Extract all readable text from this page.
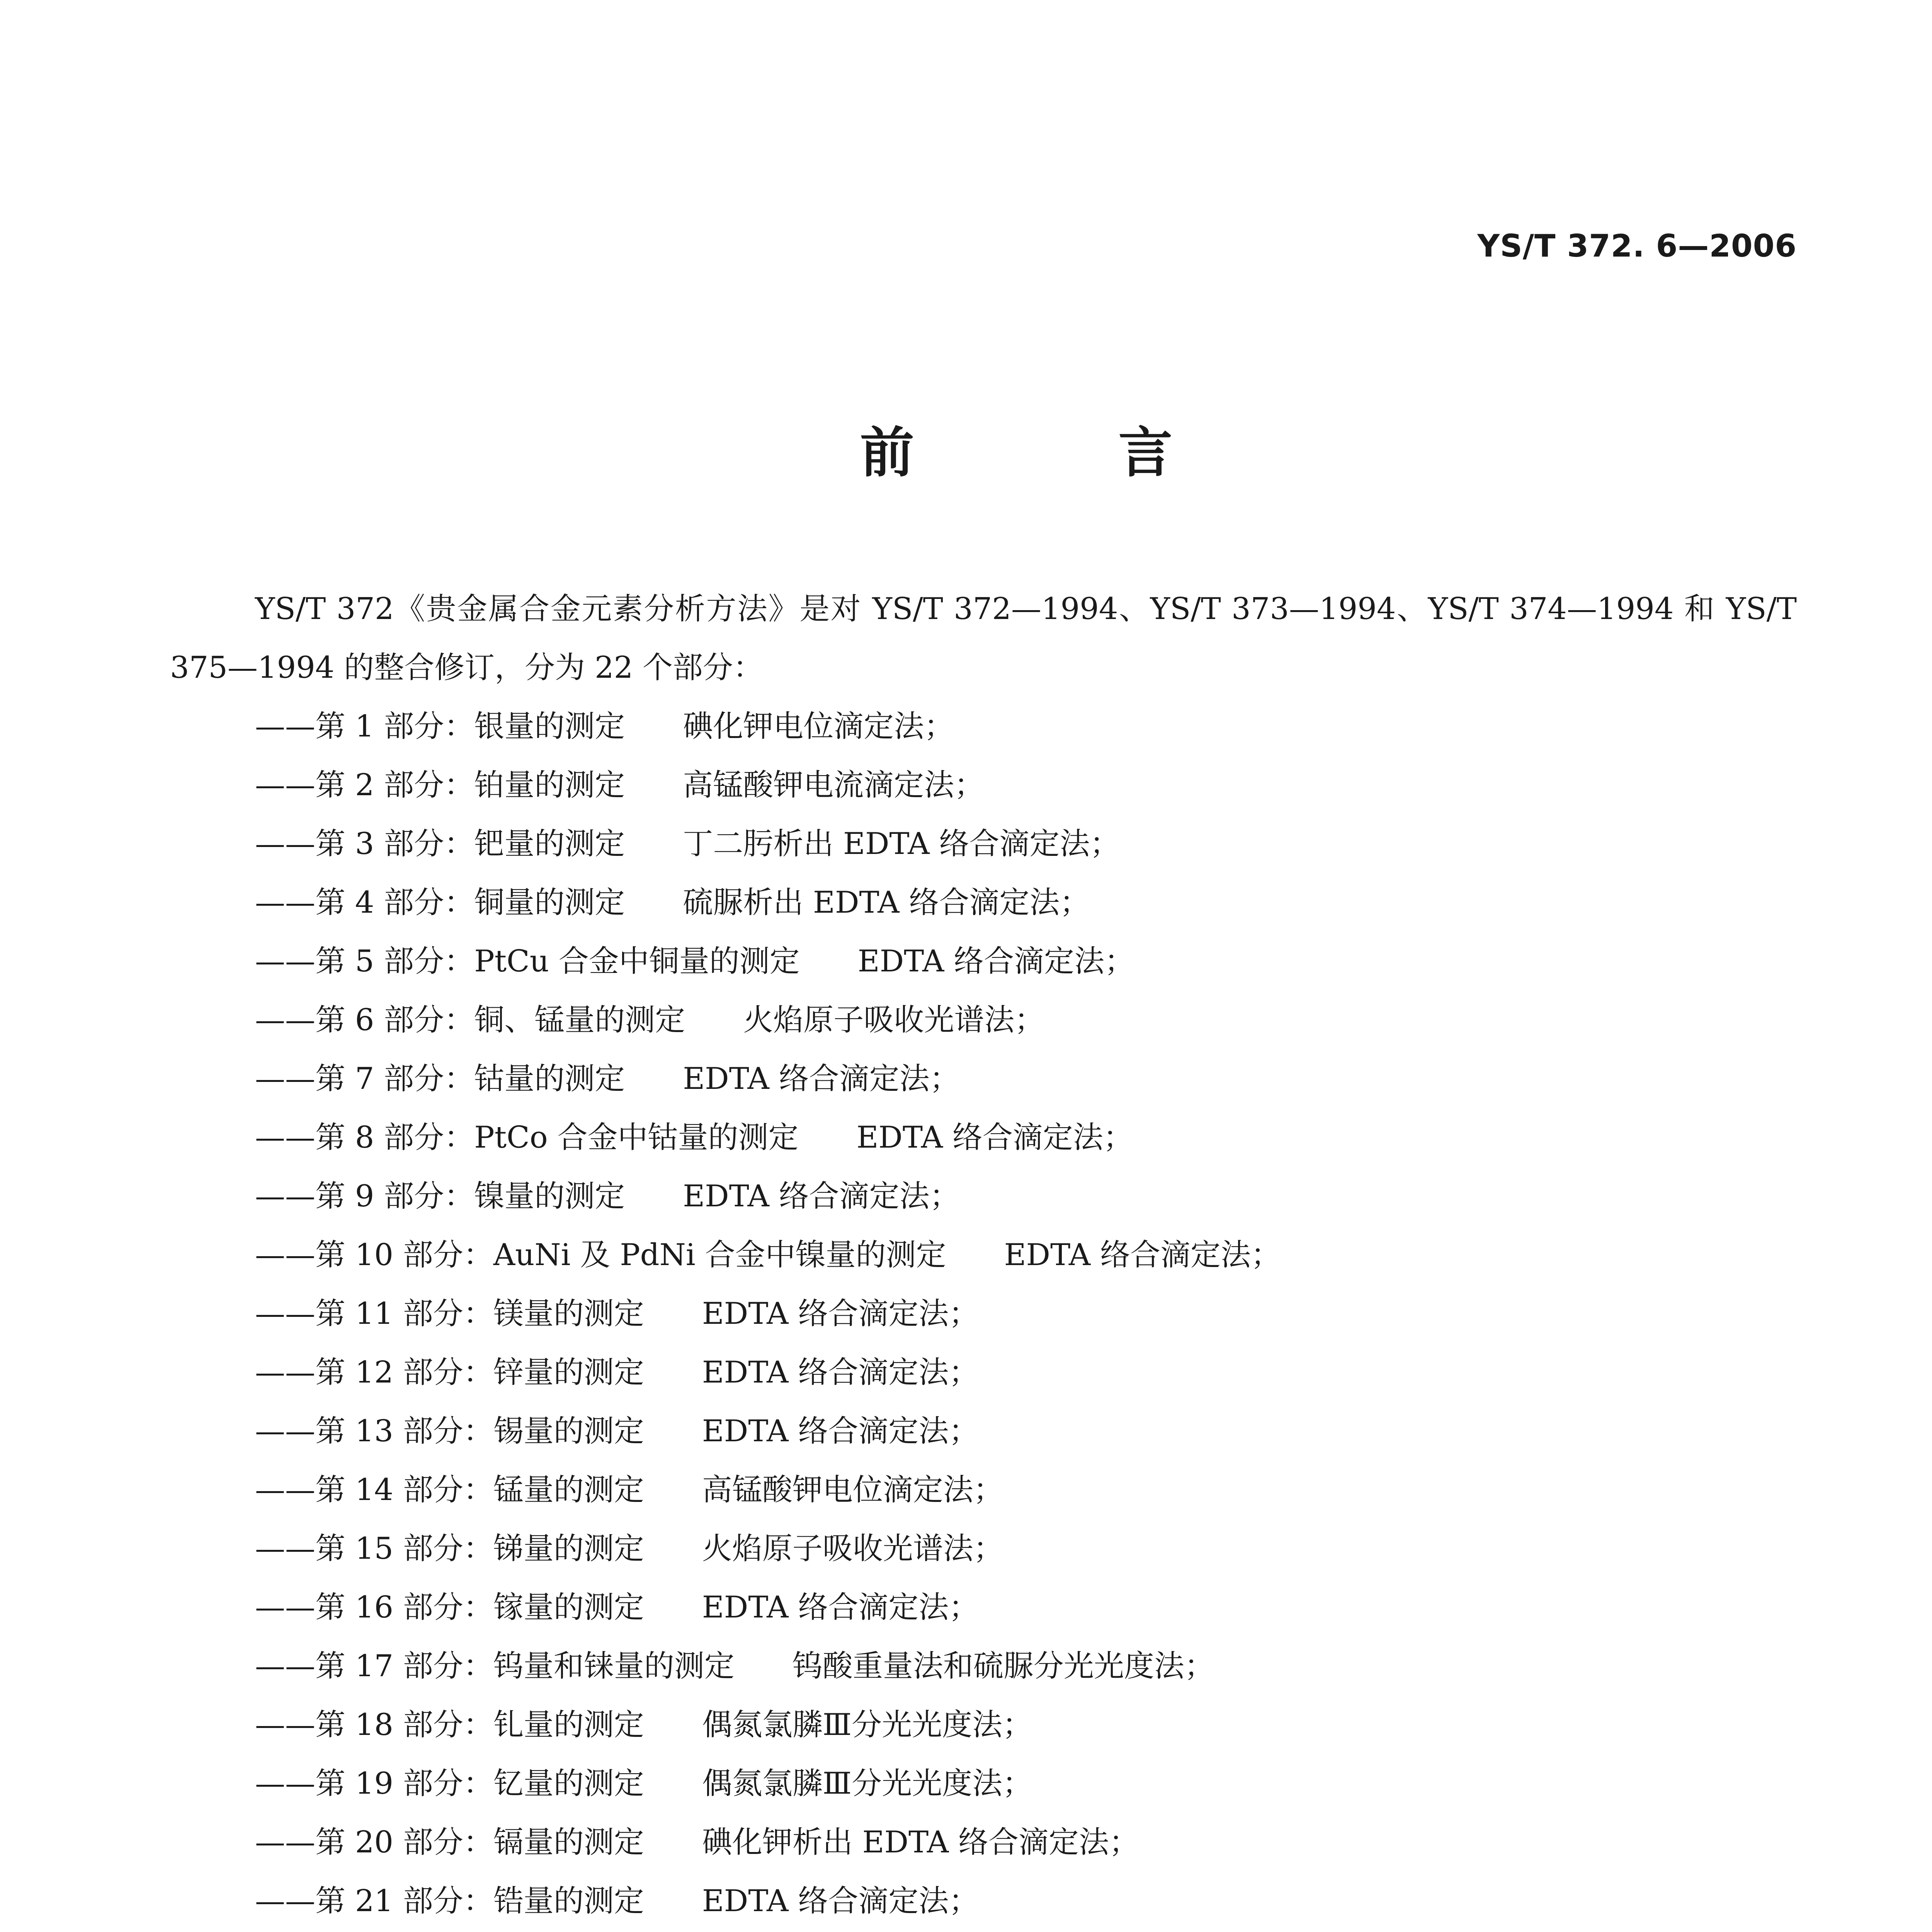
YS/T 372. 6—2006
前 言

YS/T 372《贵金属合金元素分析方法》是对 YS/T 372—1994、YS/T 373—1994、YS/T 374—1994 和 YS/T 375—1994 的整合修订，分为 22 个部分：

——第 1 部分：银量的测定 碘化钾电位滴定法；

——第 2 部分：铂量的测定 高锰酸钾电流滴定法；

——第 3 部分：钯量的测定 丁二肟析出 EDTA 络合滴定法；

——第 4 部分：铜量的测定 硫脲析出 EDTA 络合滴定法；

——第 5 部分：PtCu 合金中铜量的测定 EDTA 络合滴定法；

——第 6 部分：铜、锰量的测定 火焰原子吸收光谱法；

——第 7 部分：钴量的测定 EDTA 络合滴定法；

——第 8 部分：PtCo 合金中钴量的测定 EDTA 络合滴定法；

——第 9 部分：镍量的测定 EDTA 络合滴定法；

——第 10 部分：AuNi 及 PdNi 合金中镍量的测定 EDTA 络合滴定法；

——第 11 部分：镁量的测定 EDTA 络合滴定法；

——第 12 部分：锌量的测定 EDTA 络合滴定法；

——第 13 部分：锡量的测定 EDTA 络合滴定法；

——第 14 部分：锰量的测定 高锰酸钾电位滴定法；

——第 15 部分：锑量的测定 火焰原子吸收光谱法；

——第 16 部分：镓量的测定 EDTA 络合滴定法；

——第 17 部分：钨量和铼量的测定 钨酸重量法和硫脲分光光度法；

——第 18 部分：钆量的测定 偶氮氯膦Ⅲ分光光度法；

——第 19 部分：钇量的测定 偶氮氯膦Ⅲ分光光度法；

——第 20 部分：镉量的测定 碘化钾析出 EDTA 络合滴定法；

——第 21 部分：锆量的测定 EDTA 络合滴定法；
